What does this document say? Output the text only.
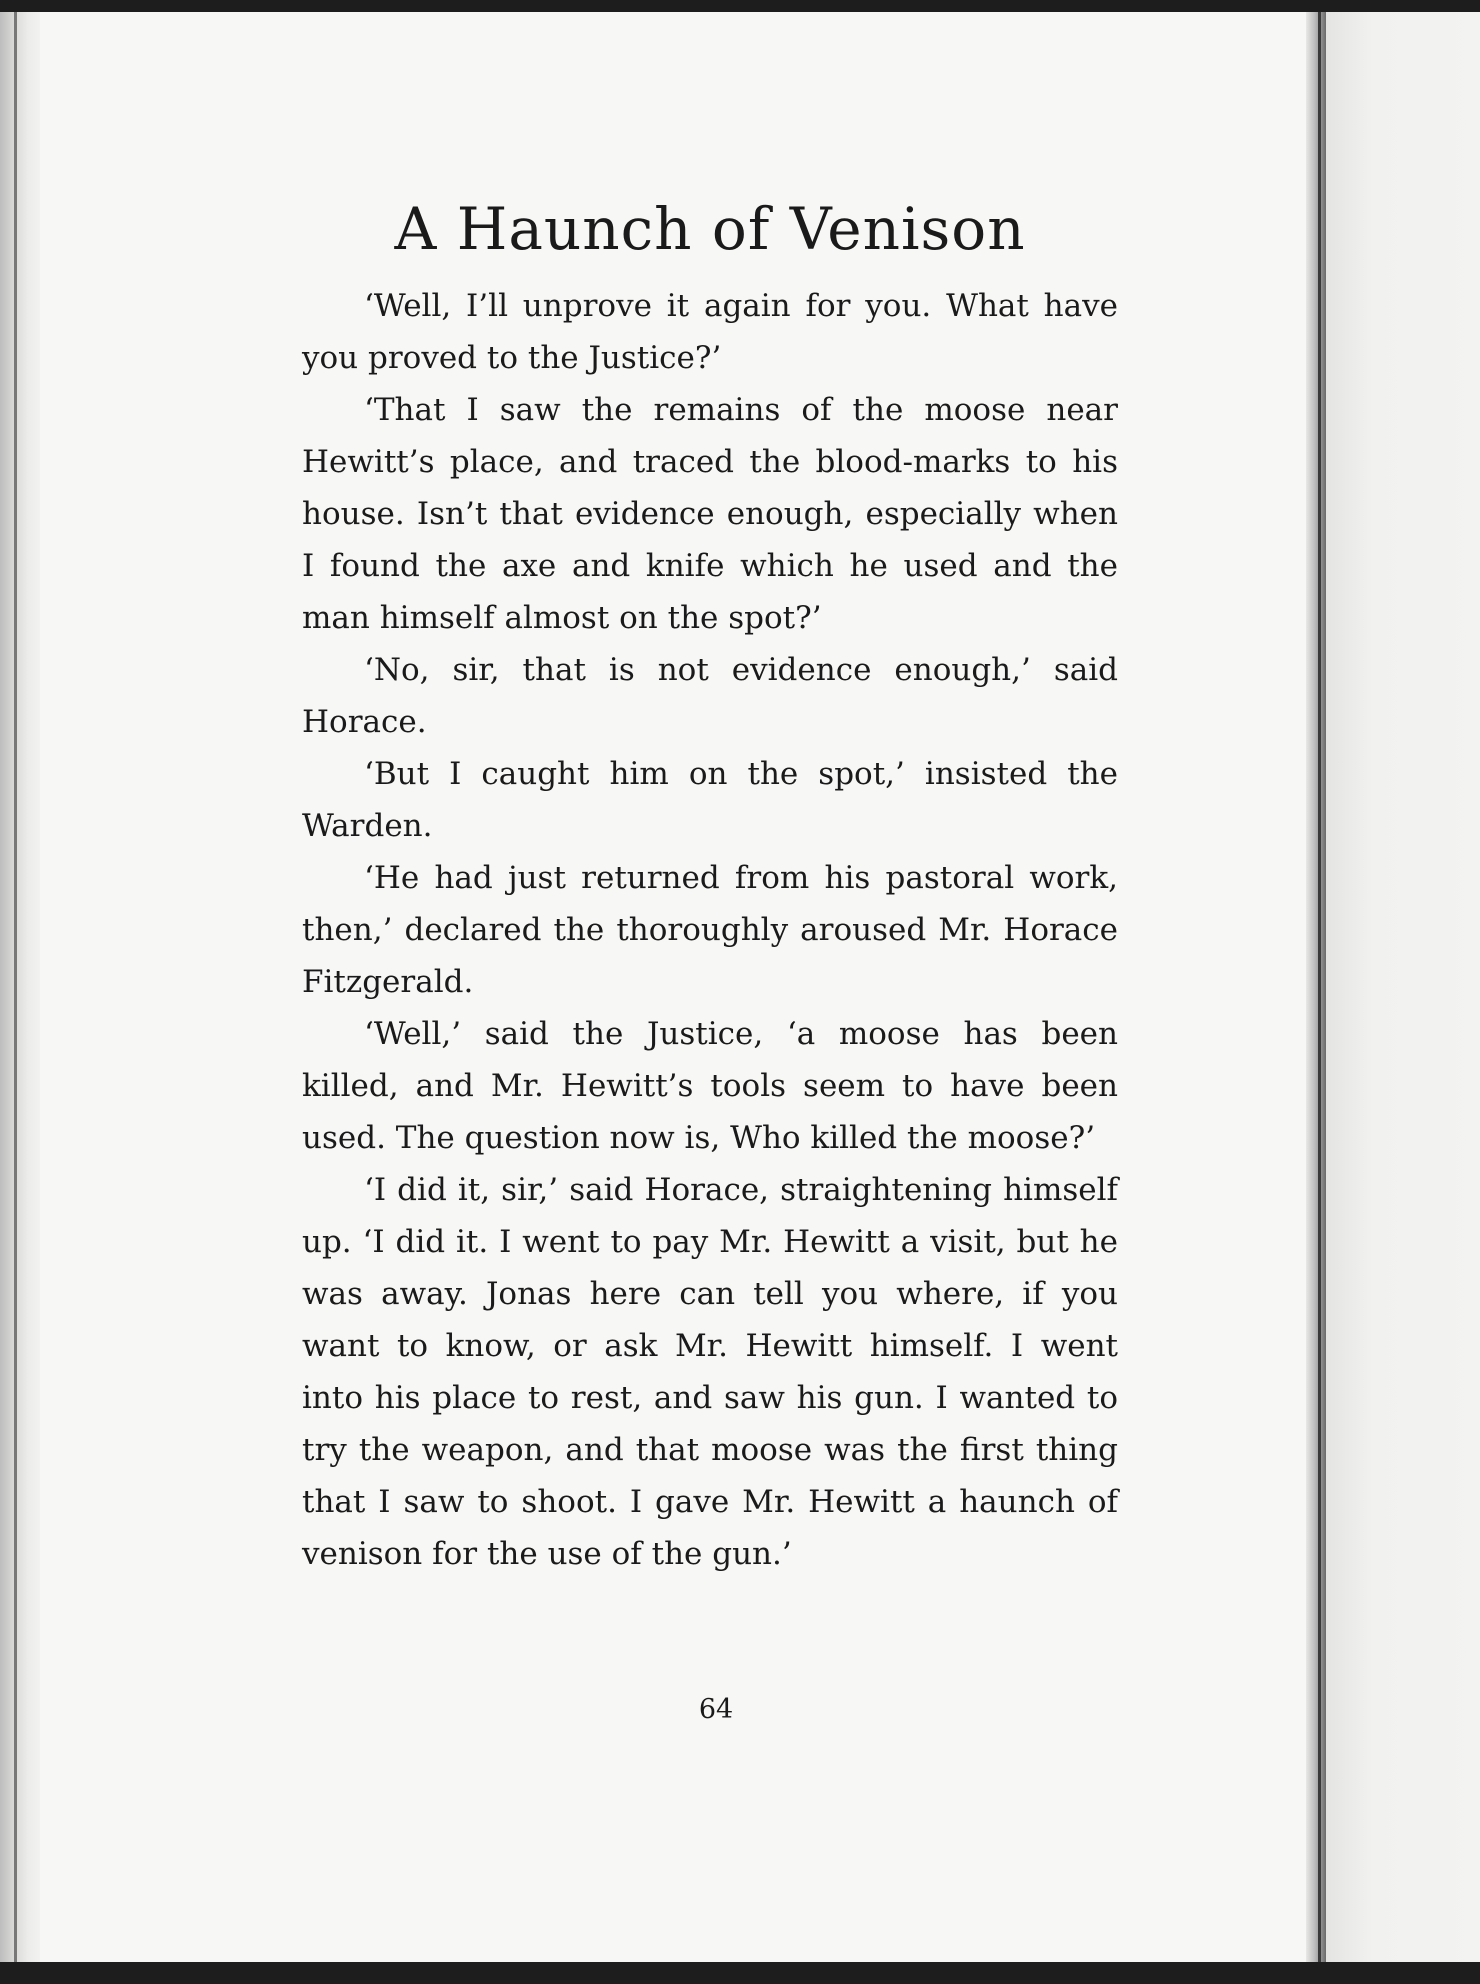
A Haunch of Venison

‘Well, I’ll unprove it again for you. What have you proved to the Justice?’

‘That I saw the remains of the moose near Hewitt’s place, and traced the blood-marks to his house. Isn’t that evidence enough, especially when I found the axe and knife which he used and the man himself almost on the spot?’

‘No, sir, that is not evidence enough,’ said Horace.

‘But I caught him on the spot,’ insisted the Warden.

‘He had just returned from his pastoral work, then,’ declared the thoroughly aroused Mr. Horace Fitzgerald.

‘Well,’ said the Justice, ‘a moose has been killed, and Mr. Hewitt’s tools seem to have been used. The question now is, Who killed the moose?’

‘I did it, sir,’ said Horace, straightening himself up. ‘I did it. I went to pay Mr. Hewitt a visit, but he was away. Jonas here can tell you where, if you want to know, or ask Mr. Hewitt himself. I went into his place to rest, and saw his gun. I wanted to try the weapon, and that moose was the first thing that I saw to shoot. I gave Mr. Hewitt a haunch of venison for the use of the gun.’

64
